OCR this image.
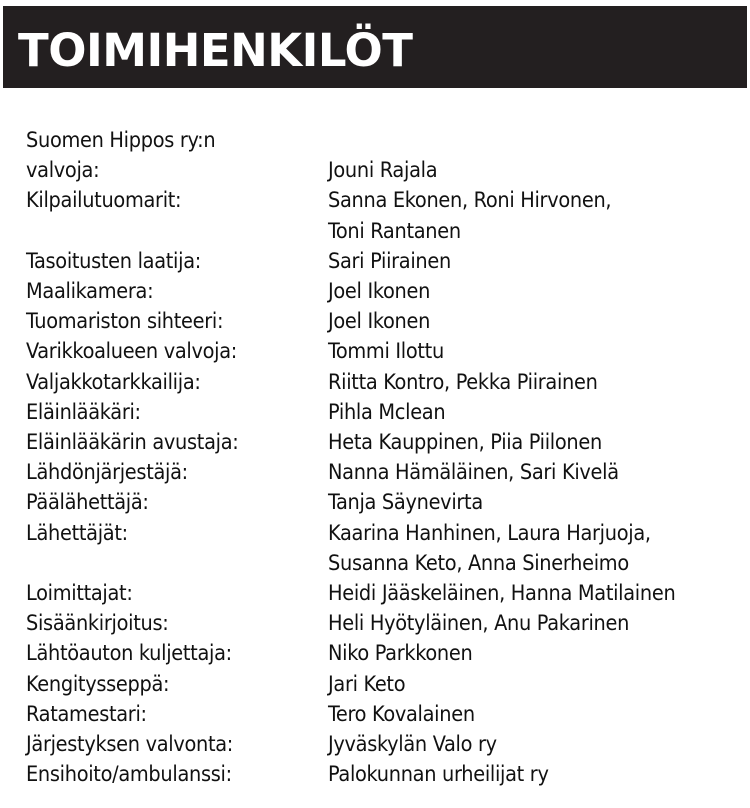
TOIMIHENKILÖT
Suomen Hippos ry:n
valvoja:	Jouni Rajala
Kilpailutuomarit:	Sanna Ekonen, Roni Hirvonen,
Toni Rantanen
Tasoitusten laatija:	Sari Piirainen
Maalikamera:	Joel Ikonen
Tuomariston sihteeri:	Joel Ikonen
Varikkoalueen valvoja:	Tommi Ilottu
Valjakkotarkkailija:	Riitta Kontro, Pekka Piirainen
Eläinlääkäri:	Pihla Mclean
Eläinlääkärin avustaja:	Heta Kauppinen, Piia Piilonen
Lähdönjärjestäjä:	Nanna Hämäläinen, Sari Kivelä
Päälähettäjä:	Tanja Säynevirta
Lähettäjät:	Kaarina Hanhinen, Laura Harjuoja,
Susanna Keto, Anna Sinerheimo
Loimittajat:	Heidi Jääskeläinen, Hanna Matilainen
Sisäänkirjoitus:	Heli Hyötyläinen, Anu Pakarinen
Lähtöauton kuljettaja:	Niko Parkkonen
Kengitysseppä:	Jari Keto
Ratamestari:	Tero Kovalainen
Järjestyksen valvonta:	Jyväskylän Valo ry
Ensihoito/ambulanssi:	Palokunnan urheilijat ry
